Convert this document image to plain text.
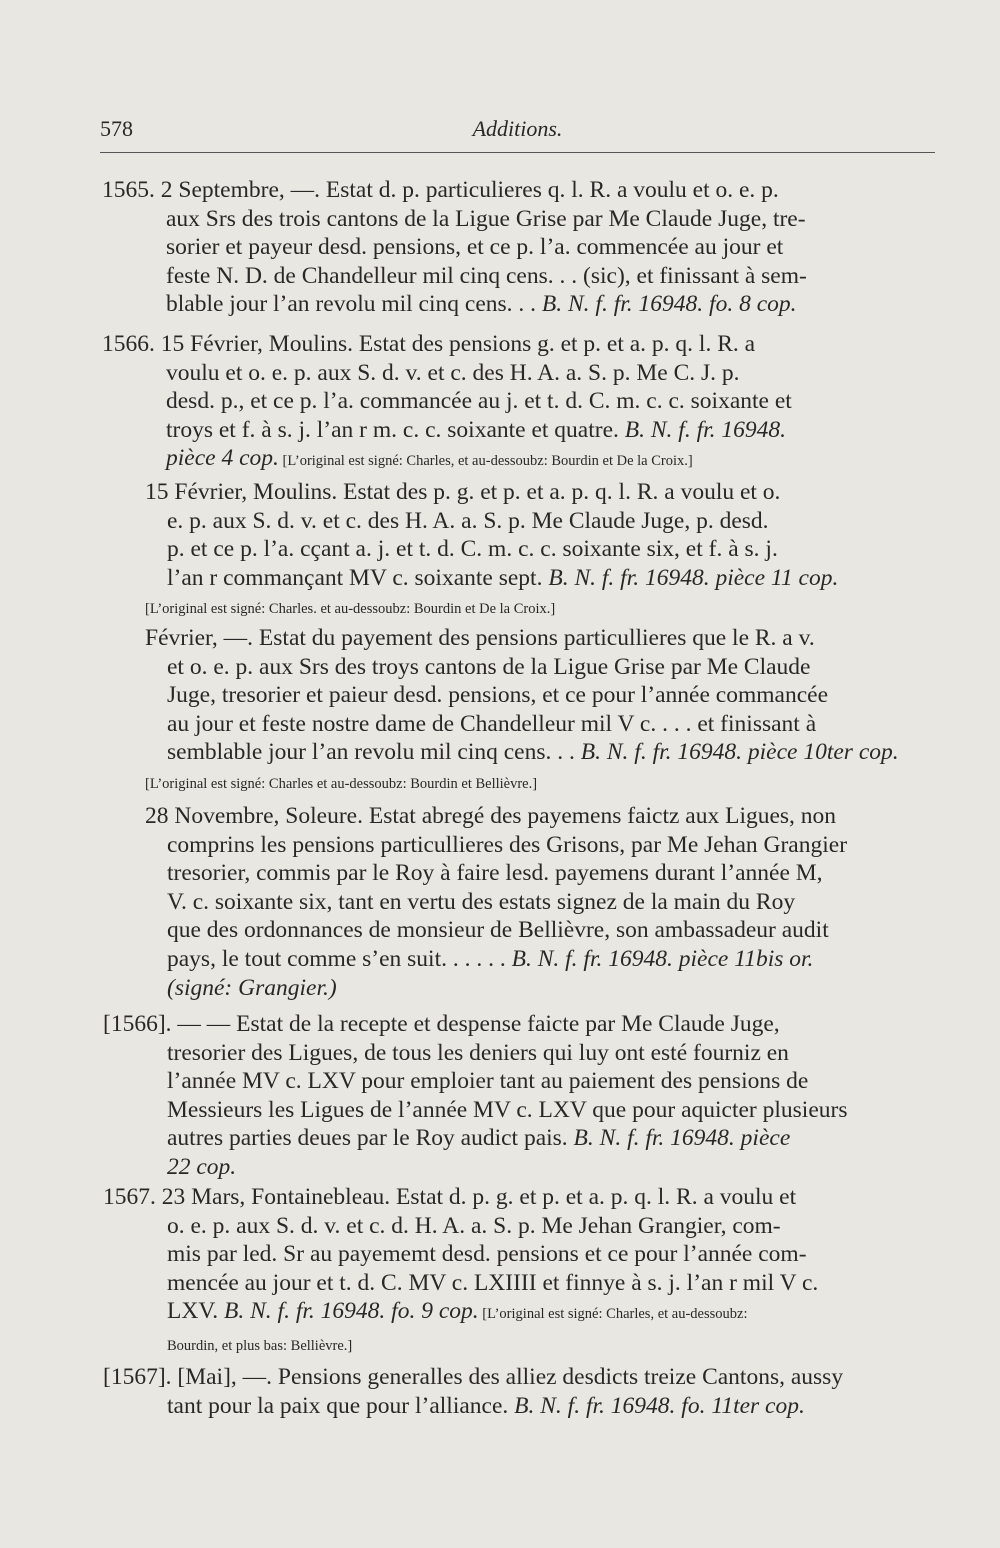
578	Additions.
1565. 2 Septembre, —. Estat d. p. particulieres q. l. R. a voulu et o. e. p.
aux Srs des trois cantons de la Ligue Grise par Me Claude Juge, tre-
sorier et payeur desd. pensions, et ce p. l’a. commencée au jour et
feste N. D. de Chandelleur mil cinq cens. . . (sic), et finissant à sem-
blable jour l’an revolu mil cinq cens. . . B. N. f. fr. 16948. fo. 8 cop.
1566. 15 Février, Moulins. Estat des pensions g. et p. et a. p. q. l. R. a
voulu et o. e. p. aux S. d. v. et c. des H. A. a. S. p. Me C. J. p.
desd. p., et ce p. l’a. commancée au j. et t. d. C. m. c. c. soixante et
troys et f. à s. j. l’an r m. c. c. soixante et quatre. B. N. f. fr. 16948.
pièce 4 cop. [L’original est signé: Charles, et au-dessoubz: Bourdin et De la Croix.]
15 Février, Moulins. Estat des p. g. et p. et a. p. q. l. R. a voulu et o.
e. p. aux S. d. v. et c. des H. A. a. S. p. Me Claude Juge, p. desd.
p. et ce p. l’a. cçant a. j. et t. d. C. m. c. c. soixante six, et f. à s. j.
l’an r commançant MV c. soixante sept. B. N. f. fr. 16948. pièce 11 cop.
[L’original est signé: Charles. et au-dessoubz: Bourdin et De la Croix.]
Février, —. Estat du payement des pensions particullieres que le R. a v.
et o. e. p. aux Srs des troys cantons de la Ligue Grise par Me Claude
Juge, tresorier et paieur desd. pensions, et ce pour l’année commancée
au jour et feste nostre dame de Chandelleur mil V c. . . . et finissant à
semblable jour l’an revolu mil cinq cens. . . B. N. f. fr. 16948. pièce 10ter cop.
[L’original est signé: Charles et au-dessoubz: Bourdin et Bellièvre.]
28 Novembre, Soleure. Estat abregé des payemens faictz aux Ligues, non
comprins les pensions particullieres des Grisons, par Me Jehan Grangier
tresorier, commis par le Roy à faire lesd. payemens durant l’année M,
V. c. soixante six, tant en vertu des estats signez de la main du Roy
que des ordonnances de monsieur de Bellièvre, son ambassadeur audit
pays, le tout comme s’en suit. . . . . . B. N. f. fr. 16948. pièce 11bis or.
(signé: Grangier.)
[1566]. — — Estat de la recepte et despense faicte par Me Claude Juge,
tresorier des Ligues, de tous les deniers qui luy ont esté fourniz en
l’année MV c. LXV pour emploier tant au paiement des pensions de
Messieurs les Ligues de l’année MV c. LXV que pour aquicter plusieurs
autres parties deues par le Roy audict pais. B. N. f. fr. 16948. pièce
22 cop.
1567. 23 Mars, Fontainebleau. Estat d. p. g. et p. et a. p. q. l. R. a voulu et
o. e. p. aux S. d. v. et c. d. H. A. a. S. p. Me Jehan Grangier, com-
mis par led. Sr au payememt desd. pensions et ce pour l’année com-
mencée au jour et t. d. C. MV c. LXIIII et finnye à s. j. l’an r mil V c.
LXV. B. N. f. fr. 16948. fo. 9 cop. [L’original est signé: Charles, et au-dessoubz:
Bourdin, et plus bas: Bellièvre.]
[1567]. [Mai], —. Pensions generalles des alliez desdicts treize Cantons, aussy
tant pour la paix que pour l’alliance. B. N. f. fr. 16948. fo. 11ter cop.
